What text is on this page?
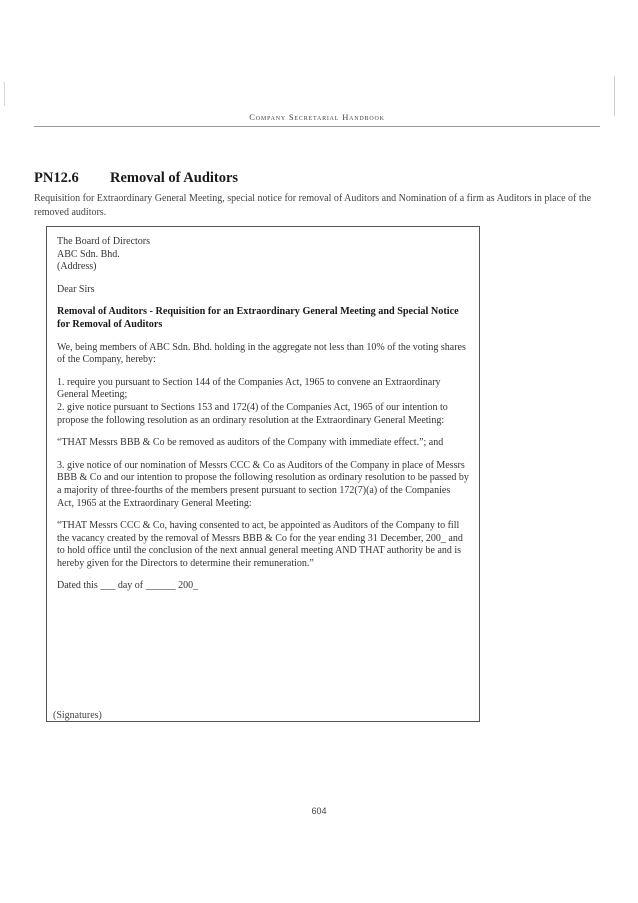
Company Secretarial Handbook
PN12.6 Removal of Auditors
Requisition for Extraordinary General Meeting, special notice for removal of Auditors and Nomination of a firm as Auditors in place of the removed auditors.

The Board of Directors
ABC Sdn. Bhd.
(Address)

Dear Sirs

Removal of Auditors - Requisition for an Extraordinary General Meeting and Special Notice for Removal of Auditors

We, being members of ABC Sdn. Bhd. holding in the aggregate not less than 10% of the voting shares of the Company, hereby:

1. require you pursuant to Section 144 of the Companies Act, 1965 to convene an Extraordinary General Meeting;

2. give notice pursuant to Sections 153 and 172(4) of the Companies Act, 1965 of our intention to propose the following resolution as an ordinary resolution at the Extraordinary General Meeting:

“THAT Messrs BBB & Co be removed as auditors of the Company with immediate effect.”; and

3. give notice of our nomination of Messrs CCC & Co as Auditors of the Company in place of Messrs BBB & Co and our intention to propose the following resolution as ordinary resolution to be passed by a majority of three-fourths of the members present pursuant to section 172(7)(a) of the Companies Act, 1965 at the Extraordinary General Meeting:

“THAT Messrs CCC & Co, having consented to act, be appointed as Auditors of the Company to fill the vacancy created by the removal of Messrs BBB & Co for the year ending 31 December, 200_ and to hold office until the conclusion of the next annual general meeting AND THAT authority be and is hereby given for the Directors to determine their remuneration.”

Dated this ___ day of ______ 200_

(Signatures)
604
